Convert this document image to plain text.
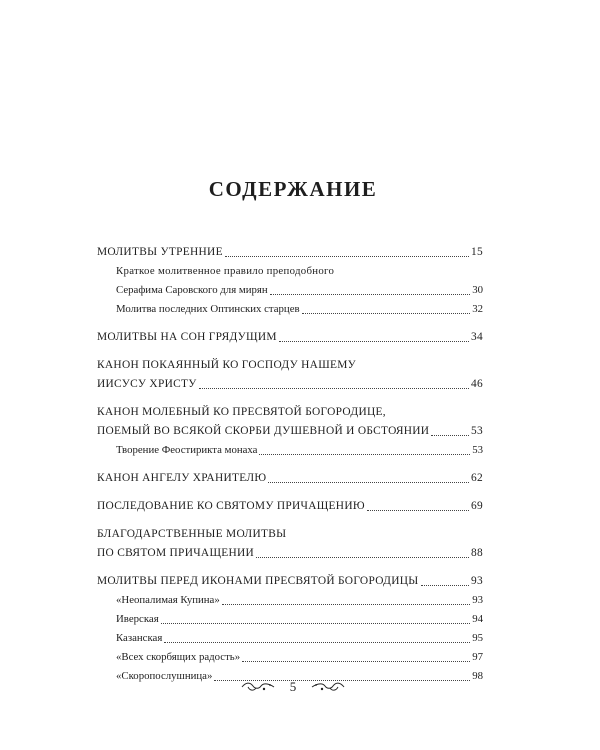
СОДЕРЖАНИЕ
МОЛИТВЫ УТРЕННИЕ	15
Краткое молитвенное правило преподобного
Серафима Саровского для мирян	30
Молитва последних Оптинских старцев	32
МОЛИТВЫ НА СОН ГРЯДУЩИМ	34
КАНОН ПОКАЯННЫЙ КО ГОСПОДУ НАШЕМУ
ИИСУСУ ХРИСТУ	46
КАНОН МОЛЕБНЫЙ КО ПРЕСВЯТОЙ БОГОРОДИЦЕ,
ПОЕМЫЙ ВО ВСЯКОЙ СКОРБИ ДУШЕВНОЙ И ОБСТОЯНИИ	53
Творение Феостирикта монаха	53
КАНОН АНГЕЛУ ХРАНИТЕЛЮ	62
ПОСЛЕДОВАНИЕ КО СВЯТОМУ ПРИЧАЩЕНИЮ	69
БЛАГОДАРСТВЕННЫЕ МОЛИТВЫ
ПО СВЯТОМ ПРИЧАЩЕНИИ	88
МОЛИТВЫ ПЕРЕД ИКОНАМИ ПРЕСВЯТОЙ БОГОРОДИЦЫ	93
«Неопалимая Купина»	93
Иверская	94
Казанская	95
«Всех скорбящих радость»	97
«Скоропослушница»	98
5
